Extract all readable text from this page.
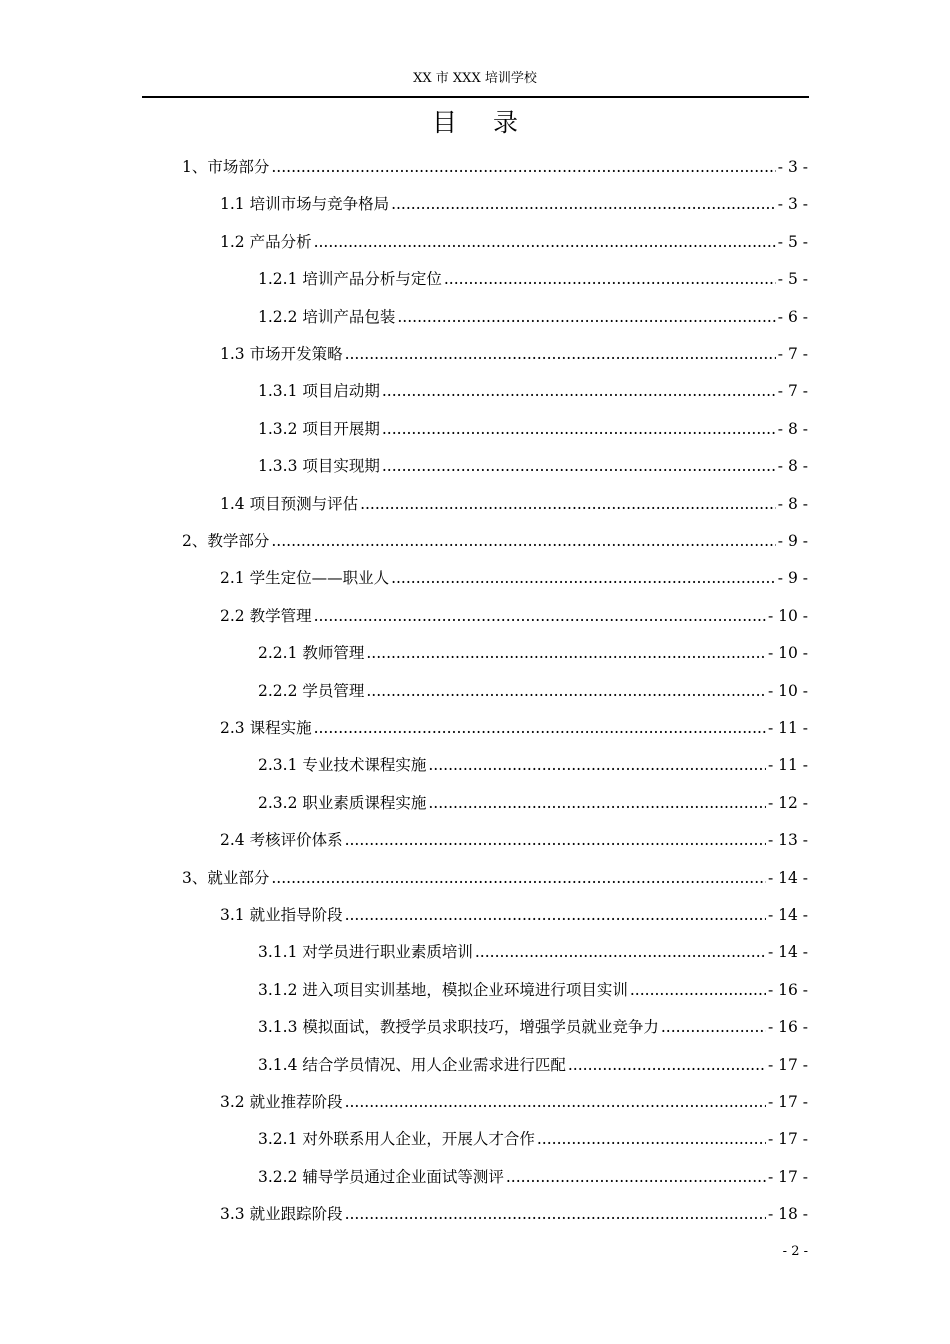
XX 市 XXX 培训学校
目 录
1、市场部分 .....	- 3 -
1.1 培训市场与竞争格局 .....	- 3 -
1.2 产品分析 .....	- 5 -
1.2.1 培训产品分析与定位 .....	- 5 -
1.2.2 培训产品包装 .....	- 6 -
1.3 市场开发策略 .....	- 7 -
1.3.1 项目启动期 .....	- 7 -
1.3.2 项目开展期 .....	- 8 -
1.3.3 项目实现期 .....	- 8 -
1.4 项目预测与评估 .....	- 8 -
2、教学部分 .....	- 9 -
2.1 学生定位——职业人 .....	- 9 -
2.2 教学管理 .....	- 10 -
2.2.1 教师管理 .....	- 10 -
2.2.2 学员管理 .....	- 10 -
2.3 课程实施 .....	- 11 -
2.3.1 专业技术课程实施 .....	- 11 -
2.3.2 职业素质课程实施 .....	- 12 -
2.4 考核评价体系 .....	- 13 -
3、就业部分 .....	- 14 -
3.1 就业指导阶段 .....	- 14 -
3.1.1 对学员进行职业素质培训 .....	- 14 -
3.1.2 进入项目实训基地，模拟企业环境进行项目实训 .....	- 16 -
3.1.3 模拟面试，教授学员求职技巧，增强学员就业竞争力 .....	- 16 -
3.1.4 结合学员情况、用人企业需求进行匹配 .....	- 17 -
3.2 就业推荐阶段 .....	- 17 -
3.2.1 对外联系用人企业，开展人才合作 .....	- 17 -
3.2.2 辅导学员通过企业面试等测评 .....	- 17 -
3.3 就业跟踪阶段 .....	- 18 -
- 2 -
